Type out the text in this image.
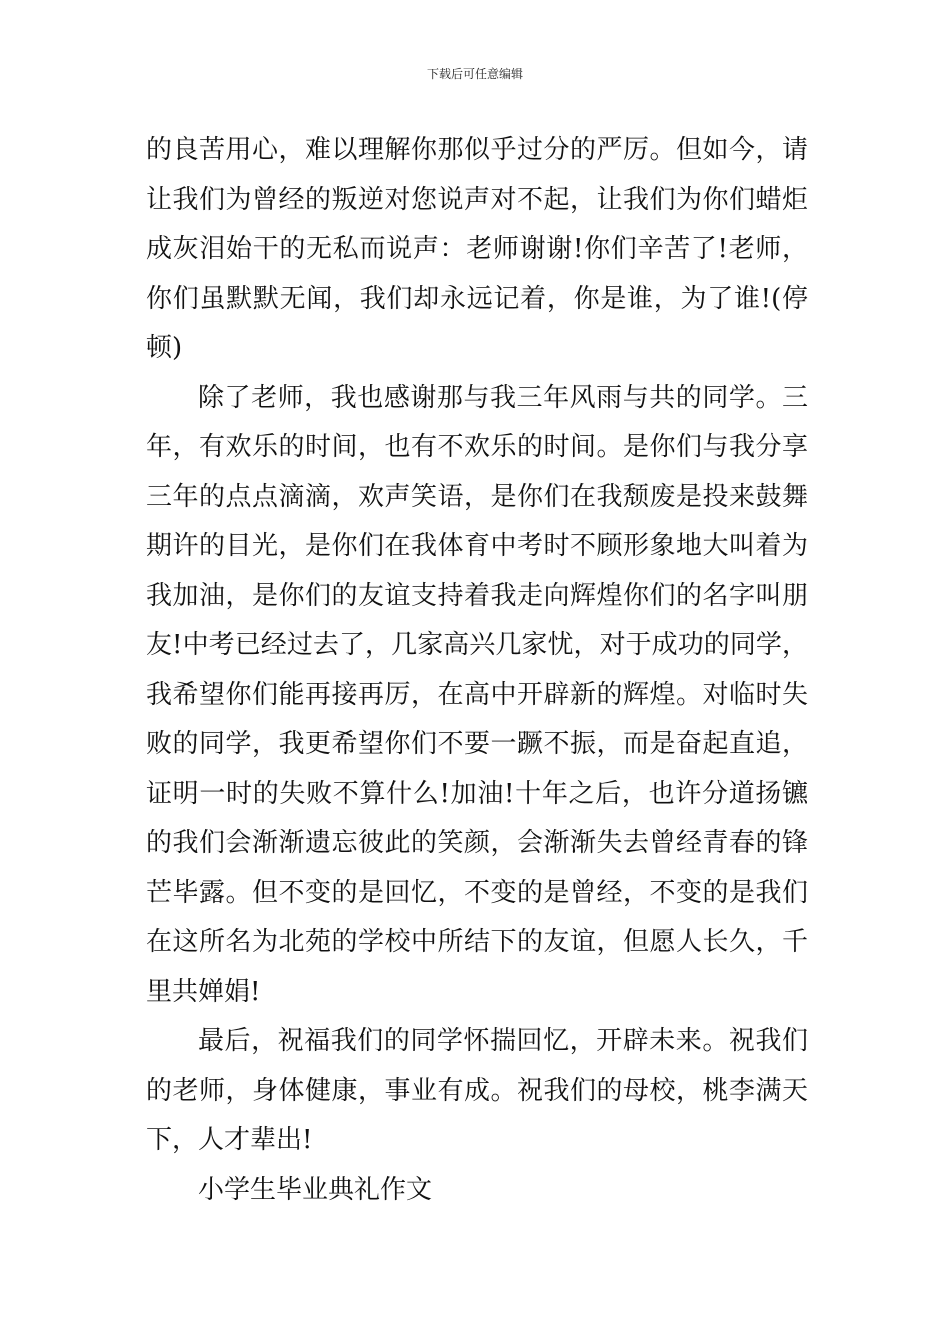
下载后可任意编辑
的良苦用心，难以理解你那似乎过分的严厉。但如今，请
让我们为曾经的叛逆对您说声对不起，让我们为你们蜡炬
成灰泪始干的无私而说声：老师谢谢!你们辛苦了!老师，
你们虽默默无闻，我们却永远记着，你是谁，为了谁!(停
顿)
除了老师，我也感谢那与我三年风雨与共的同学。三
年，有欢乐的时间，也有不欢乐的时间。是你们与我分享
三年的点点滴滴，欢声笑语，是你们在我颓废是投来鼓舞
期许的目光，是你们在我体育中考时不顾形象地大叫着为
我加油，是你们的友谊支持着我走向辉煌你们的名字叫朋
友!中考已经过去了，几家高兴几家忧，对于成功的同学，
我希望你们能再接再厉，在高中开辟新的辉煌。对临时失
败的同学，我更希望你们不要一蹶不振，而是奋起直追，
证明一时的失败不算什么!加油!十年之后，也许分道扬镳
的我们会渐渐遗忘彼此的笑颜，会渐渐失去曾经青春的锋
芒毕露。但不变的是回忆，不变的是曾经，不变的是我们
在这所名为北苑的学校中所结下的友谊，但愿人长久，千
里共婵娟!
最后，祝福我们的同学怀揣回忆，开辟未来。祝我们
的老师，身体健康，事业有成。祝我们的母校，桃李满天
下，人才辈出!
小学生毕业典礼作文
